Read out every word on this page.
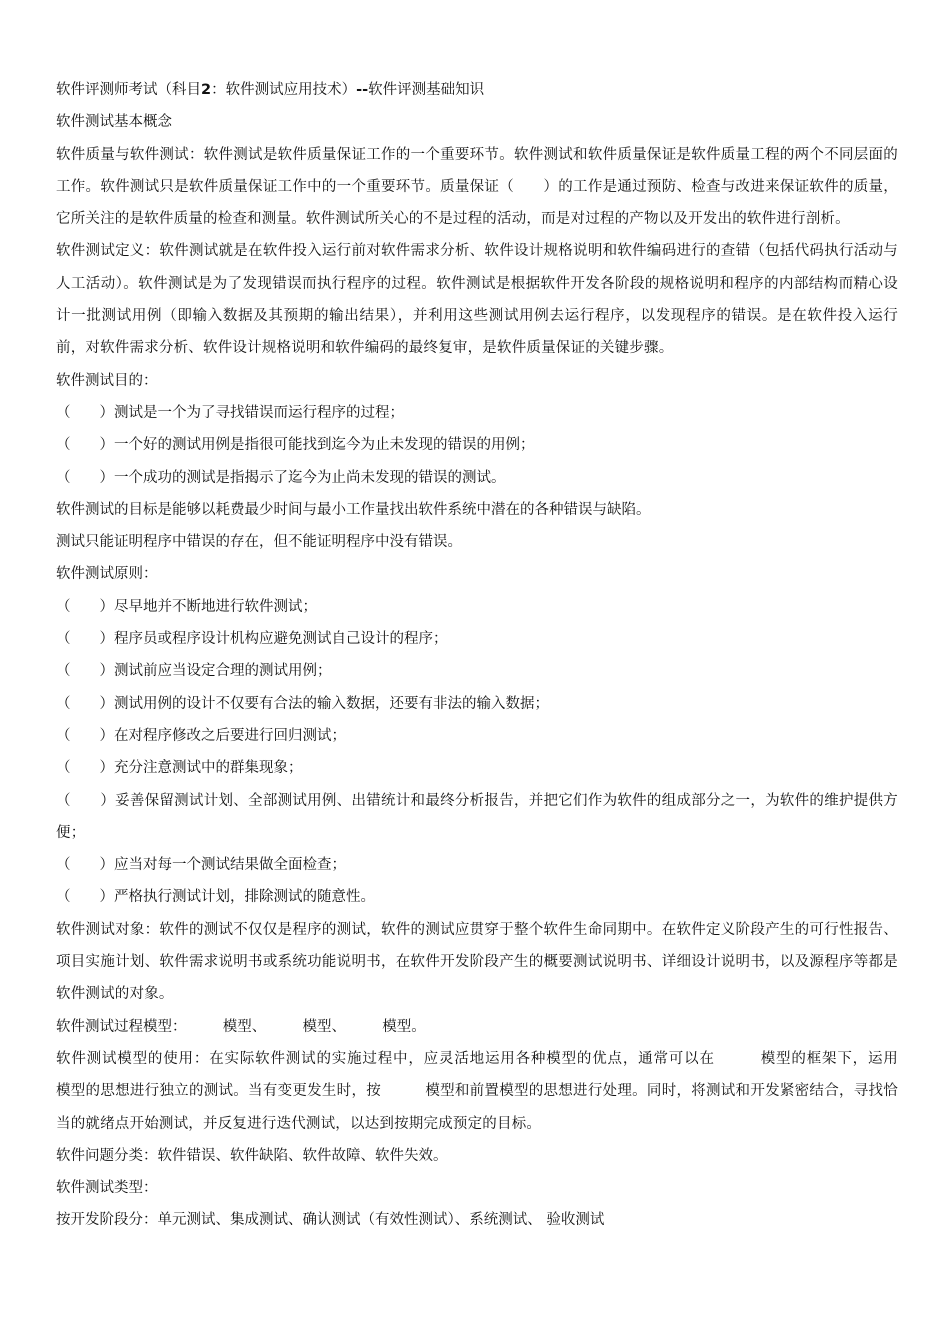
软件评测师考试（科目2：软件测试应用技术）--软件评测基础知识
软件测试基本概念
软件质量与软件测试：软件测试是软件质量保证工作的一个重要环节。软件测试和软件质量保证是软件质量工程的两个不同层面的工作。软件测试只是软件质量保证工作中的一个重要环节。质量保证（　　）的工作是通过预防、检查与改进来保证软件的质量，它所关注的是软件质量的检查和测量。软件测试所关心的不是过程的活动，而是对过程的产物以及开发出的软件进行剖析。
软件测试定义：软件测试就是在软件投入运行前对软件需求分析、软件设计规格说明和软件编码进行的查错（包括代码执行活动与人工活动）。软件测试是为了发现错误而执行程序的过程。软件测试是根据软件开发各阶段的规格说明和程序的内部结构而精心设计一批测试用例（即输入数据及其预期的输出结果），并利用这些测试用例去运行程序，以发现程序的错误。是在软件投入运行前，对软件需求分析、软件设计规格说明和软件编码的最终复审，是软件质量保证的关键步骤。
软件测试目的：
（　　）测试是一个为了寻找错误而运行程序的过程；
（　　）一个好的测试用例是指很可能找到迄今为止未发现的错误的用例；
（　　）一个成功的测试是指揭示了迄今为止尚未发现的错误的测试。
软件测试的目标是能够以耗费最少时间与最小工作量找出软件系统中潜在的各种错误与缺陷。
测试只能证明程序中错误的存在，但不能证明程序中没有错误。
软件测试原则：
（　　）尽早地并不断地进行软件测试；
（　　）程序员或程序设计机构应避免测试自己设计的程序；
（　　）测试前应当设定合理的测试用例；
（　　）测试用例的设计不仅要有合法的输入数据，还要有非法的输入数据；
（　　）在对程序修改之后要进行回归测试；
（　　）充分注意测试中的群集现象；
（　　）妥善保留测试计划、全部测试用例、出错统计和最终分析报告，并把它们作为软件的组成部分之一，为软件的维护提供方便；
（　　）应当对每一个测试结果做全面检查；
（　　）严格执行测试计划，排除测试的随意性。
软件测试对象：软件的测试不仅仅是程序的测试，软件的测试应贯穿于整个软件生命同期中。在软件定义阶段产生的可行性报告、项目实施计划、软件需求说明书或系统功能说明书，在软件开发阶段产生的概要测试说明书、详细设计说明书，以及源程序等都是软件测试的对象。
软件测试过程模型：　　　模型、　　　模型、　　　模型。
软件测试模型的使用：在实际软件测试的实施过程中，应灵活地运用各种模型的优点，通常可以在　　　模型的框架下，运用　　　模型的思想进行独立的测试。当有变更发生时，按　　　模型和前置模型的思想进行处理。同时，将测试和开发紧密结合，寻找恰当的就绪点开始测试，并反复进行迭代测试，以达到按期完成预定的目标。
软件问题分类：软件错误、软件缺陷、软件故障、软件失效。
软件测试类型：
按开发阶段分：单元测试、集成测试、确认测试（有效性测试）、系统测试、 验收测试
